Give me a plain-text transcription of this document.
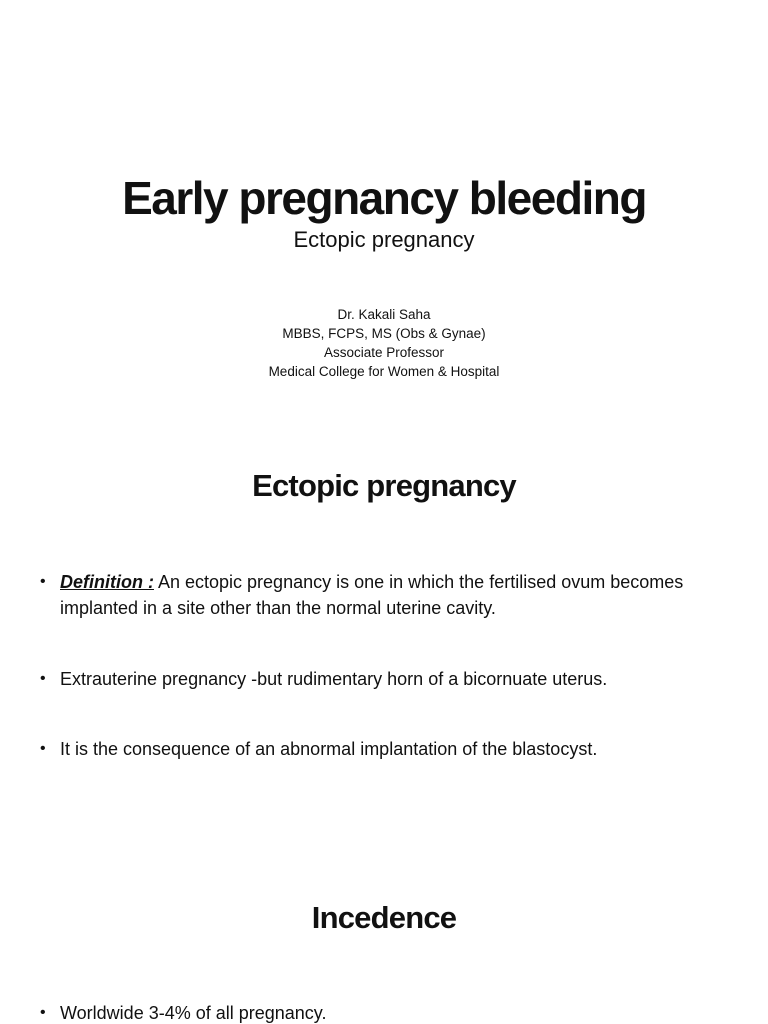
Early pregnancy bleeding
Ectopic pregnancy
Dr. Kakali Saha
MBBS, FCPS, MS (Obs & Gynae)
Associate Professor
Medical College for Women & Hospital
Ectopic pregnancy
• Definition : An ectopic pregnancy is one in which the fertilised ovum becomes implanted in a site other than the normal uterine cavity.
• Extrauterine pregnancy -but rudimentary horn of a bicornuate uterus.
• It is the consequence of an abnormal implantation of the blastocyst.
Incedence
• Worldwide 3-4% of all pregnancy.
